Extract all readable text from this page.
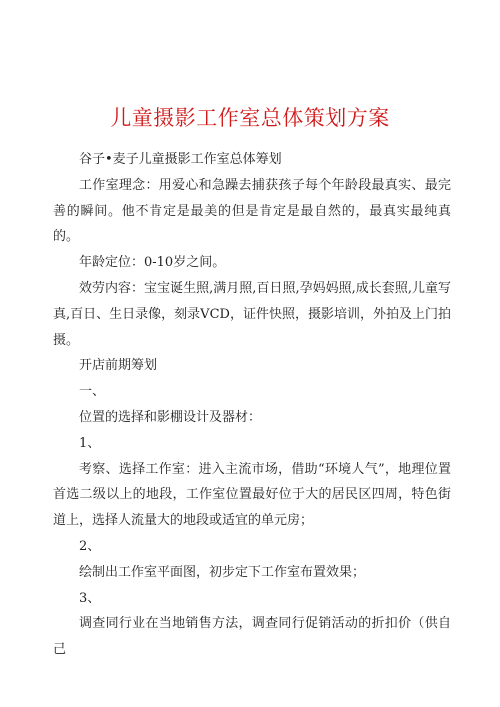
儿童摄影工作室总体策划方案

谷子•麦子儿童摄影工作室总体筹划

工作室理念：用爱心和急躁去捕获孩子每个年龄段最真实、最完善的瞬间。他不肯定是最美的但是肯定是最自然的，最真实最纯真的。

年龄定位：0-10岁之间。

效劳内容：宝宝诞生照,满月照,百日照,孕妈妈照,成长套照,儿童写真,百日、生日录像，刻录VCD，证件快照，摄影培训，外拍及上门拍摄。

开店前期筹划

一、

位置的选择和影棚设计及器材：

1、

考察、选择工作室：进入主流市场，借助“环境人气”，地理位置首选二级以上的地段，工作室位置最好位于大的居民区四周，特色街道上，选择人流量大的地段或适宜的单元房；

2、

绘制出工作室平面图，初步定下工作室布置效果；

3、

调查同行业在当地销售方法，调查同行促销活动的折扣价（供自己
